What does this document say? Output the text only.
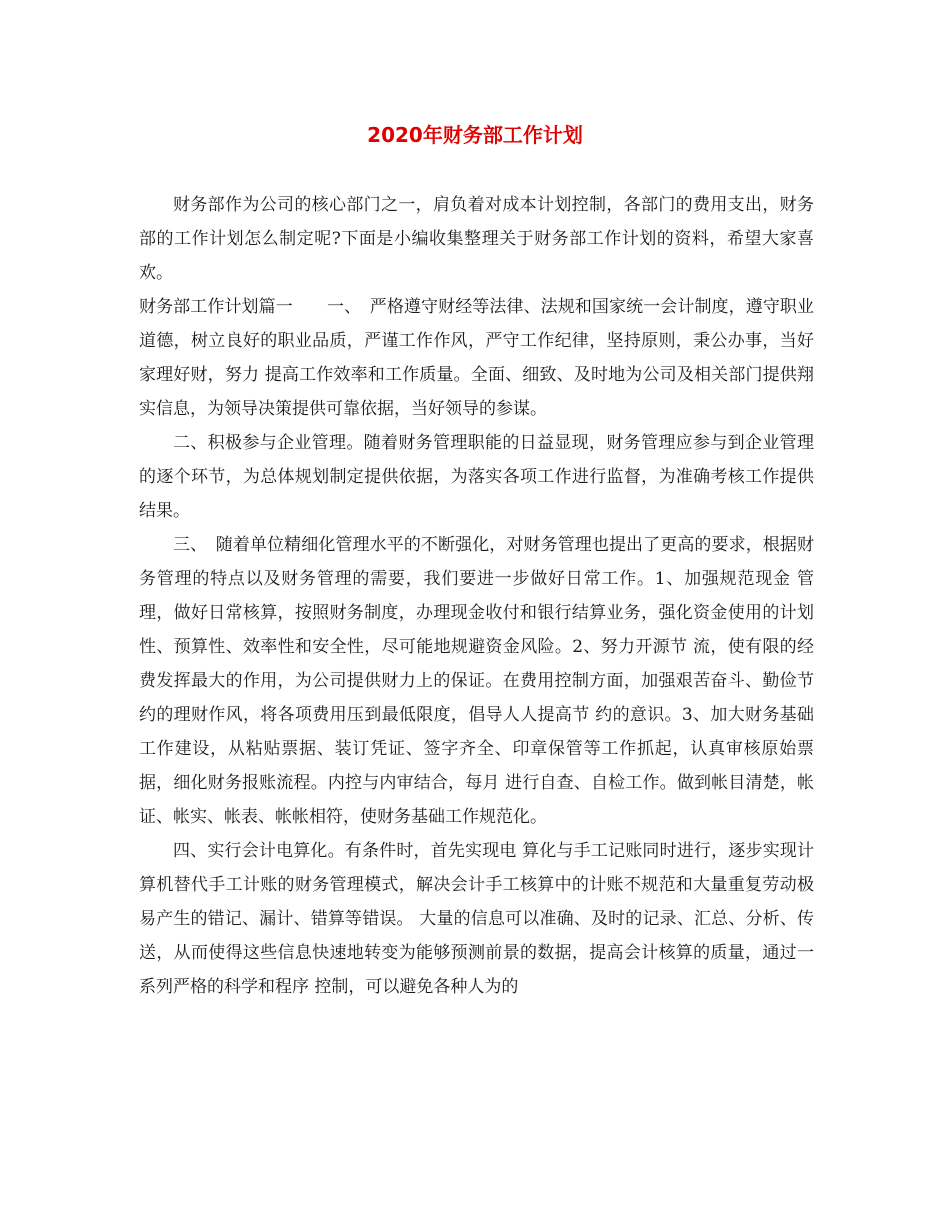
2020年财务部工作计划

财务部作为公司的核心部门之一，肩负着对成本计划控制，各部门的费用支出，财务部的工作计划怎么制定呢?下面是小编收集整理关于财务部工作计划的资料，希望大家喜欢。

财务部工作计划篇一　　一、　严格遵守财经等法律、法规和国家统一会计制度，遵守职业道德，树立良好的职业品质，严谨工作作风，严守工作纪律，坚持原则，秉公办事，当好家理好财，努力 提高工作效率和工作质量。全面、细致、及时地为公司及相关部门提供翔实信息，为领导决策提供可靠依据，当好领导的参谋。

二、积极参与企业管理。随着财务管理职能的日益显现，财务管理应参与到企业管理的逐个环节，为总体规划制定提供依据，为落实各项工作进行监督，为准确考核工作提供结果。

三、　随着单位精细化管理水平的不断强化，对财务管理也提出了更高的要求，根据财务管理的特点以及财务管理的需要，我们要进一步做好日常工作。1、加强规范现金 管理，做好日常核算，按照财务制度，办理现金收付和银行结算业务，强化资金使用的计划性、预算性、效率性和安全性，尽可能地规避资金风险。2、努力开源节 流，使有限的经费发挥最大的作用，为公司提供财力上的保证。在费用控制方面，加强艰苦奋斗、勤俭节约的理财作风，将各项费用压到最低限度，倡导人人提高节 约的意识。3、加大财务基础工作建设，从粘贴票据、装订凭证、签字齐全、印章保管等工作抓起，认真审核原始票据，细化财务报账流程。内控与内审结合，每月 进行自查、自检工作。做到帐目清楚，帐证、帐实、帐表、帐帐相符，使财务基础工作规范化。

四、实行会计电算化。有条件时，首先实现电 算化与手工记账同时进行，逐步实现计算机替代手工计账的财务管理模式，解决会计手工核算中的计账不规范和大量重复劳动极易产生的错记、漏计、错算等错误。 大量的信息可以准确、及时的记录、汇总、分析、传送，从而使得这些信息快速地转变为能够预测前景的数据，提高会计核算的质量，通过一系列严格的科学和程序 控制，可以避免各种人为的
